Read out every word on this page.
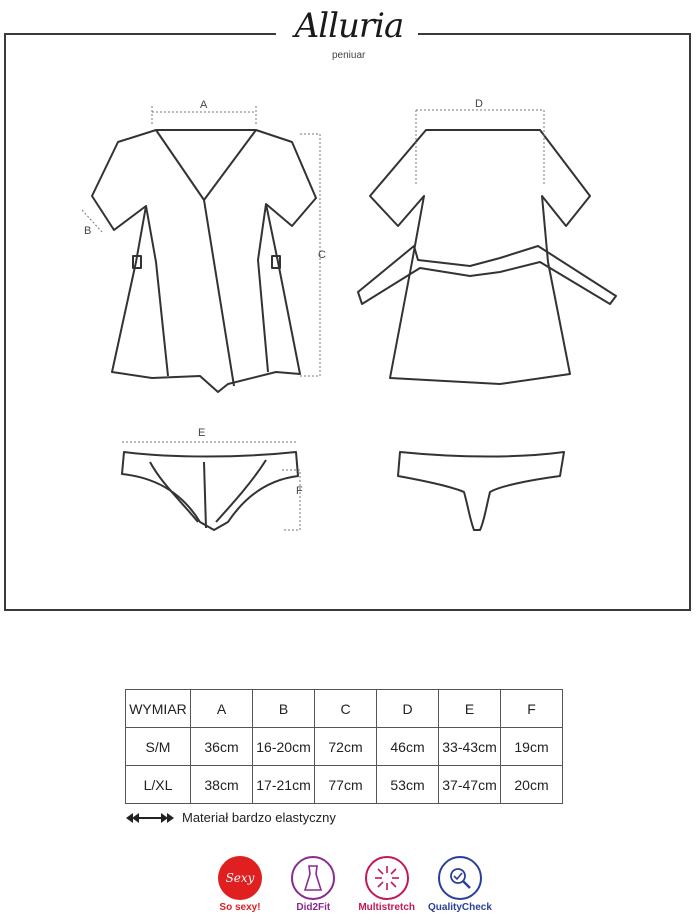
Alluria
peniuar
A
B
C
D
E
F
WYMIAR	A	B	C	D	E	F
S/M	36cm	16-20cm	72cm	46cm	33-43cm	19cm
L/XL	38cm	17-21cm	77cm	53cm	37-47cm	20cm
Materiał bardzo elastyczny
Sexy
So sexy!	Did2Fit	Multistretch	QualityCheck
